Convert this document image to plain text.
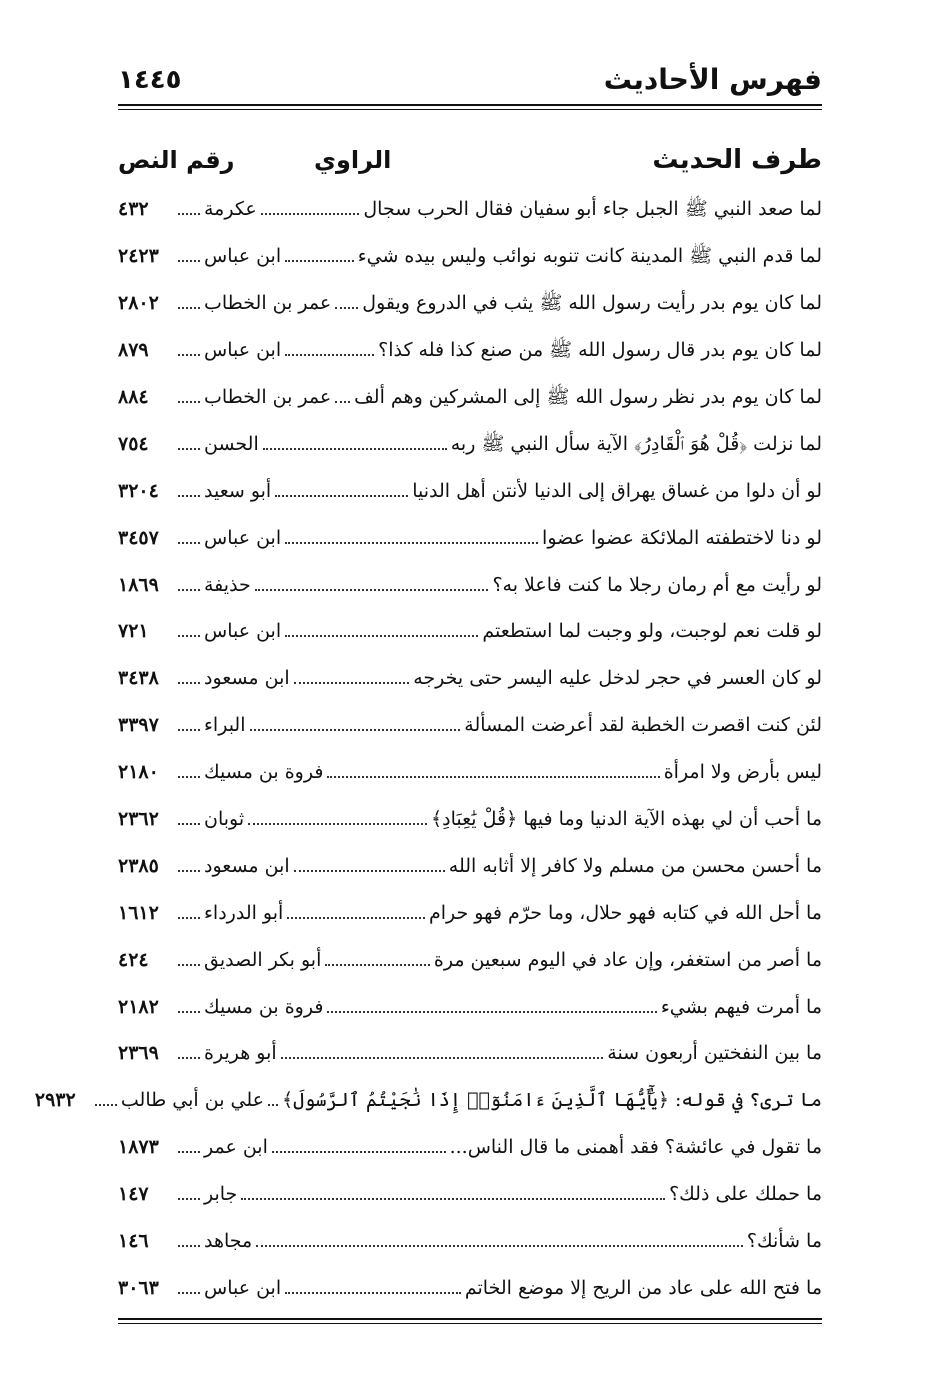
فهرس الأحاديث
١٤٤٥
طرف الحديث
الراوي
رقم النص
لما صعد النبي ﷺ الجبل جاء أبو سفيان فقال الحرب سجال
عكرمة
٤٣٢
لما قدم النبي ﷺ المدينة كانت تنوبه نوائب وليس بيده شيء
ابن عباس
٢٤٢٣
لما كان يوم بدر رأيت رسول الله ﷺ يثب في الدروع ويقول
عمر بن الخطاب
٢٨٠٢
لما كان يوم بدر قال رسول الله ﷺ من صنع كذا فله كذا؟
ابن عباس
٨٧٩
لما كان يوم بدر نظر رسول الله ﷺ إلى المشركين وهم ألف
عمر بن الخطاب
٨٨٤
لما نزلت ﴿قُلْ هُوَ ٱلْقَادِرُ﴾ الآية سأل النبي ﷺ ربه
الحسن
٧٥٤
لو أن دلوا من غساق يهراق إلى الدنيا لأنتن أهل الدنيا
أبو سعيد
٣٢٠٤
لو دنا لاختطفته الملائكة عضوا عضوا
ابن عباس
٣٤٥٧
لو رأيت مع أم رمان رجلا ما كنت فاعلا به؟
حذيفة
١٨٦٩
لو قلت نعم لوجبت، ولو وجبت لما استطعتم
ابن عباس
٧٢١
لو كان العسر في حجر لدخل عليه اليسر حتى يخرجه
ابن مسعود
٣٤٣٨
لئن كنت اقصرت الخطبة لقد أعرضت المسألة
البراء
٣٣٩٧
ليس بأرض ولا امرأة
فروة بن مسيك
٢١٨٠
ما أحب أن لي بهذه الآية الدنيا وما فيها ﴿قُلْ يَٰعِبَادِ﴾
ثوبان
٢٣٦٢
ما أحسن محسن من مسلم ولا كافر إلا أثابه الله
ابن مسعود
٢٣٨٥
ما أحل الله في كتابه فهو حلال، وما حرّم فهو حرام
أبو الدرداء
١٦١٢
ما أصر من استغفر، وإن عاد في اليوم سبعين مرة
أبو بكر الصديق
٤٢٤
ما أمرت فيهم بشيء
فروة بن مسيك
٢١٨٢
ما بين النفختين أربعون سنة
أبو هريرة
٢٣٦٩
ما ترى؟ في قوله: ﴿يَٰٓأَيُّهَا ٱلَّذِينَ ءَامَنُوٓا۟ إِذَا نَٰجَيْتُمُ ٱلرَّسُولَ﴾
علي بن أبي طالب
٢٩٣٢
ما تقول في عائشة؟ فقد أهمنى ما قال الناس...
ابن عمر
١٨٧٣
ما حملك على ذلك؟
جابر
١٤٧
ما شأنك؟
مجاهد
١٤٦
ما فتح الله على عاد من الريح إلا موضع الخاتم
ابن عباس
٣٠٦٣
